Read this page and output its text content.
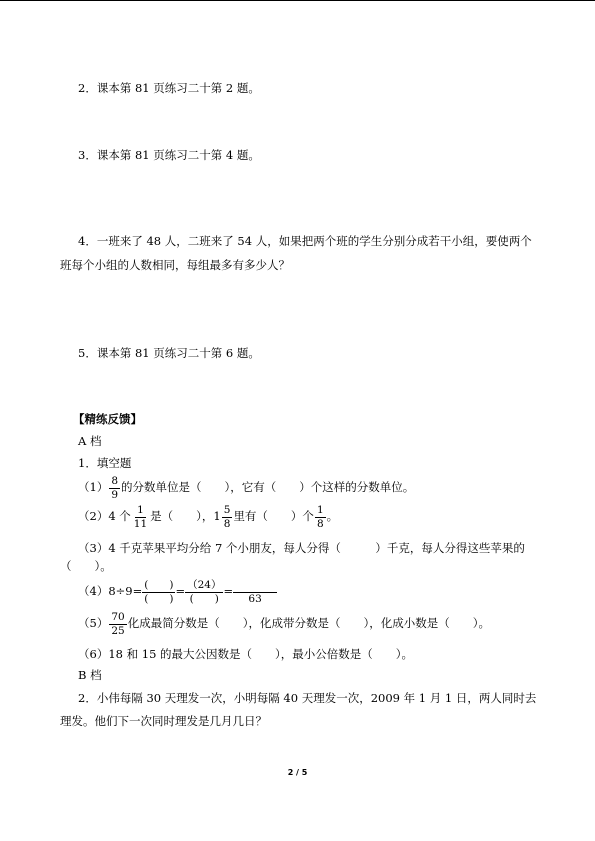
2．课本第 81 页练习二十第 2 题。
3．课本第 81 页练习二十第 4 题。
4．一班来了 48 人，二班来了 54 人，如果把两个班的学生分别分成若干小组，要使两个
班每个小组的人数相同，每组最多有多少人？
5．课本第 81 页练习二十第 6 题。
【精练反馈】
A 档
1．填空题
$(1) \frac{8}{9}$ 的分数单位是（　　），它有（　　）个这样的分数单位。
（2）4 个 $\frac{1}{11}$ 是（　　），$1 \frac{5}{8}$ 里有（　　）个 $\frac{1}{8}$ 。
（3）4 千克苹果平均分给 7 个小朋友，每人分得（　　　）千克，每人分得这些苹果的
（　　）。
$(4)8\div 9= \frac{( )}{( )} = \frac{(24)}{( )}$ =

63
$(5) \frac{70}{25}$ 化成最简分数是（　　），化成带分数是（　　），化成小数是（　　）。
（6）18 和 15 的最大公因数是（　　），最小公倍数是（　　）。
B 档
2．小伟每隔 30 天理发一次，小明每隔 40 天理发一次，2009 年 1 月 1 日，两人同时去
理发。他们下一次同时理发是几月几日？
2 / 5
